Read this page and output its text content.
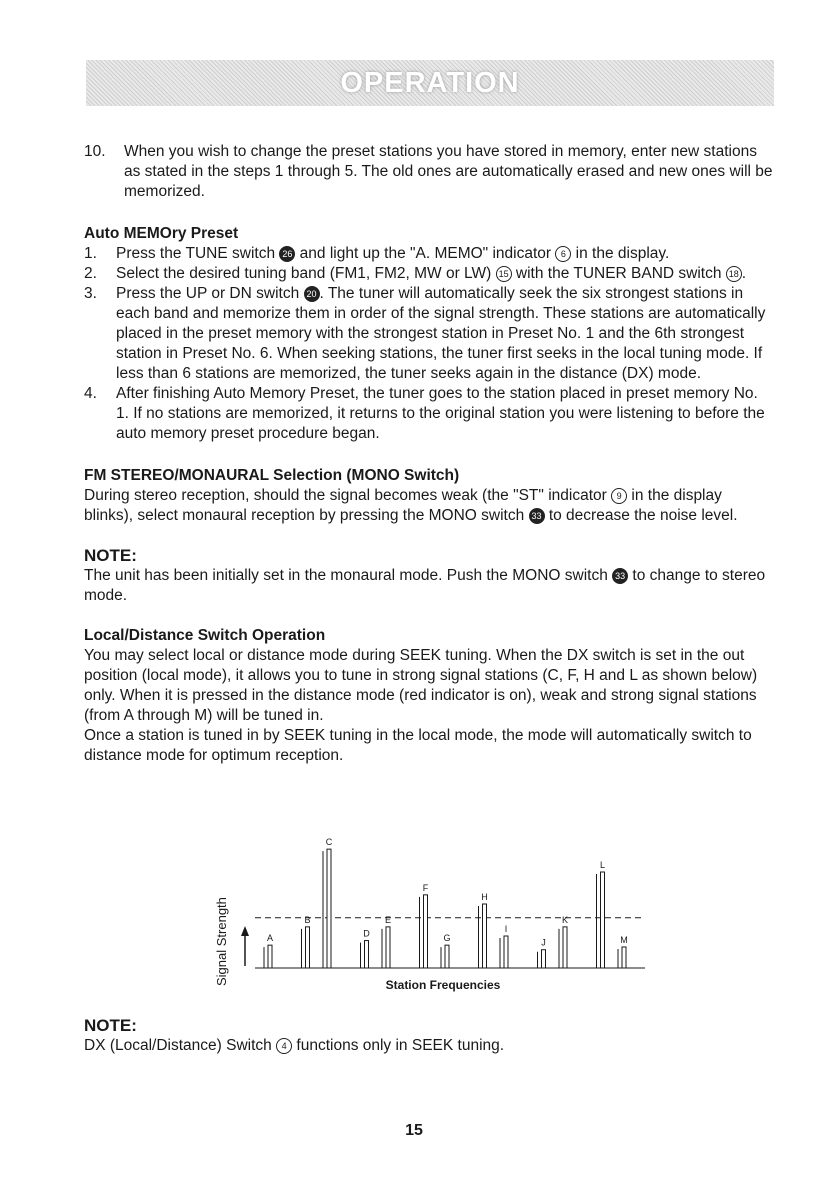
OPERATION
10.	When you wish to change the preset stations you have stored in memory, enter new stations as stated in the steps 1 through 5. The old ones are automatically erased and new ones will be memorized.
Auto MEMOry Preset
1.	Press the TUNE switch 26 and light up the "A. MEMO" indicator 6 in the display.
2.	Select the desired tuning band (FM1, FM2, MW or LW) 15 with the TUNER BAND switch 18 .
3.	Press the UP or DN switch 20 . The tuner will automatically seek the six strongest stations in each band and memorize them in order of the signal strength. These stations are automatically placed in the preset memory with the strongest station in Preset No. 1 and the 6th strongest station in Preset No. 6. When seeking stations, the tuner first seeks in the local tuning mode. If less than 6 stations are memorized, the tuner seeks again in the distance (DX) mode.
4.	After finishing Auto Memory Preset, the tuner goes to the station placed in preset memory No. 1. If no stations are memorized, it returns to the original station you were listening to before the auto memory preset procedure began.
FM STEREO/MONAURAL Selection (MONO Switch)

During stereo reception, should the signal becomes weak (the "ST" indicator 9 in the display blinks), select monaural reception by pressing the MONO switch 33 to decrease the noise level.

NOTE:

The unit has been initially set in the monaural mode. Push the MONO switch 33 to change to stereo mode.

Local/Distance Switch Operation

You may select local or distance mode during SEEK tuning. When the DX switch is set in the out position (local mode), it allows you to tune in strong signal stations (C, F, H and L as shown below) only. When it is pressed in the distance mode (red indicator is on), weak and strong signal stations (from A through M) will be tuned in.

Once a station is tuned in by SEEK tuning in the local mode, the mode will automatically switch to distance mode for optimum reception.

A
B
C
D
E
F
G
H
I
J
K
L
M
Signal Strength	Station Frequencies
NOTE:

DX (Local/Distance) Switch 4 functions only in SEEK tuning.

15
